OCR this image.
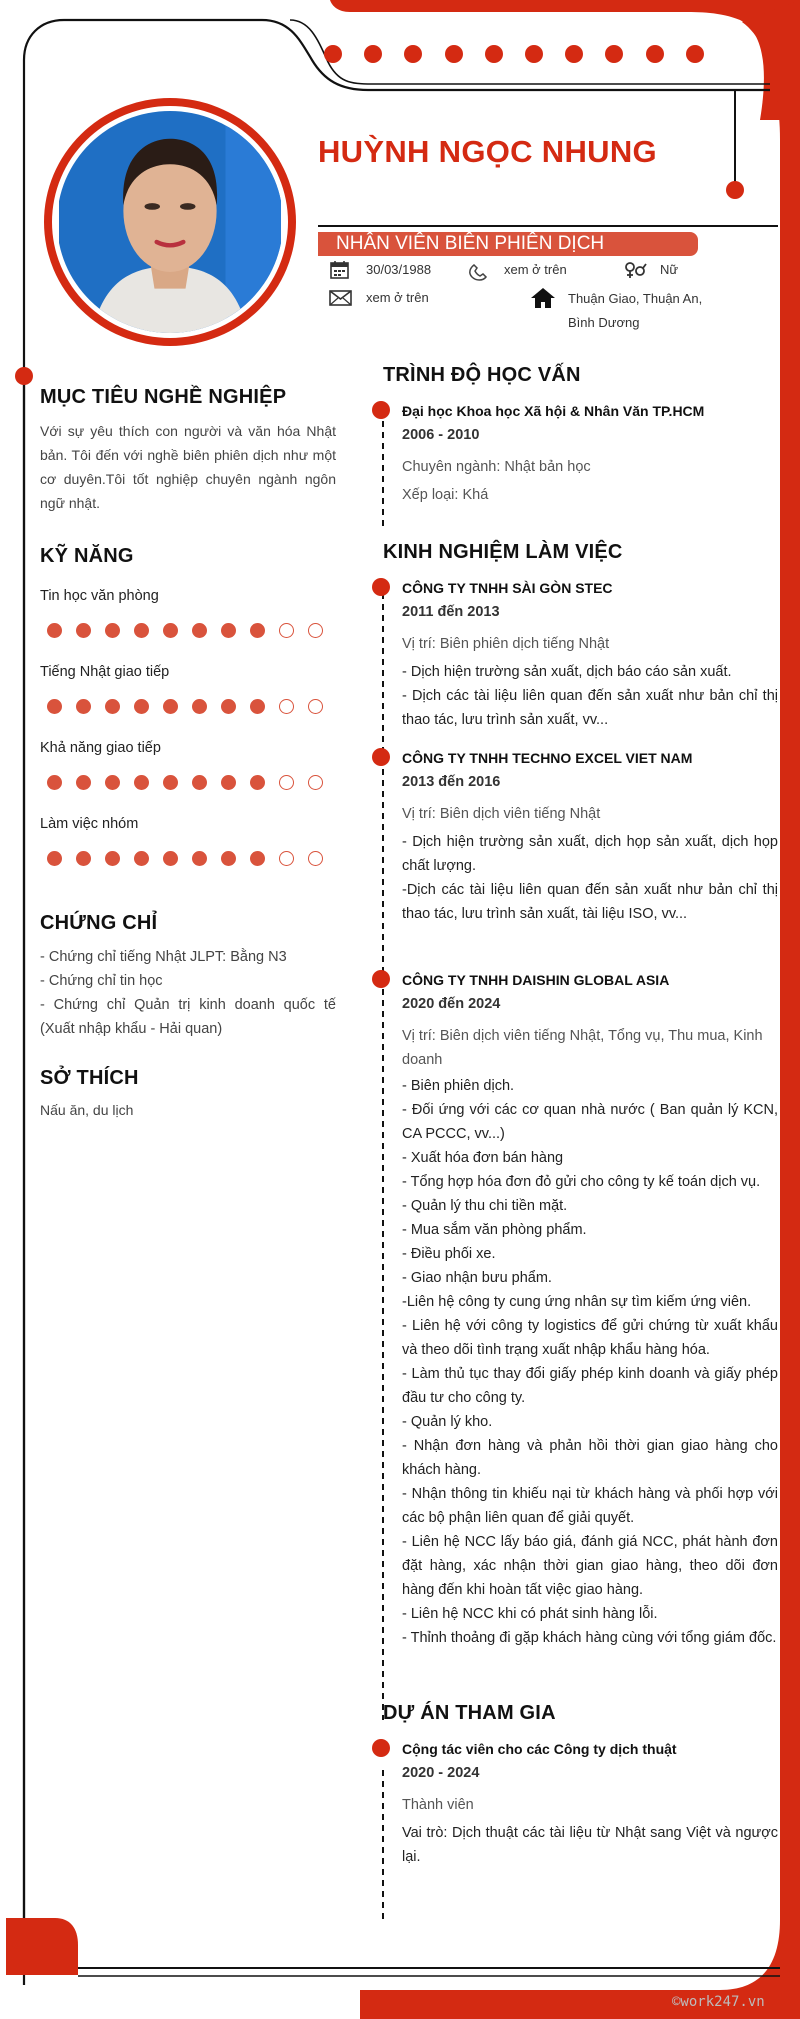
HUỲNH NGỌC NHUNG
NHÂN VIÊN BIÊN PHIÊN DỊCH
30/03/1988	xem ở trên	Nữ
xem ở trên	Thuận Giao, Thuận An, Bình Dương
MỤC TIÊU NGHỀ NGHIỆP
Với sự yêu thích con người và văn hóa Nhật bản. Tôi đến với nghề biên phiên dịch như một cơ duyên.Tôi tốt nghiệp chuyên ngành ngôn ngữ nhật.
KỸ NĂNG
Tin học văn phòng
Tiếng Nhật giao tiếp
Khả năng giao tiếp
Làm việc nhóm
CHỨNG CHỈ
- Chứng chỉ tiếng Nhật JLPT: Bằng N3
- Chứng chỉ tin học
- Chứng chỉ Quản trị kinh doanh quốc tế (Xuất nhập khẩu - Hải quan)
SỞ THÍCH
Nấu ăn, du lịch
TRÌNH ĐỘ HỌC VẤN
Đại học Khoa học Xã hội & Nhân Văn TP.HCM
2006 - 2010
Chuyên ngành: Nhật bản học
Xếp loại: Khá
KINH NGHIỆM LÀM VIỆC
CÔNG TY TNHH SÀI GÒN STEC
2011 đến 2013
Vị trí: Biên phiên dịch tiếng Nhật
- Dịch hiện trường sản xuất, dịch báo cáo sản xuất.
- Dịch các tài liệu liên quan đến sản xuất như bản chỉ thị thao tác, lưu trình sản xuất, vv...
CÔNG TY TNHH TECHNO EXCEL VIET NAM
2013 đến 2016
Vị trí: Biên dịch viên tiếng Nhật
- Dịch hiện trường sản xuất, dịch họp sản xuất, dịch họp chất lượng.
-Dịch các tài liệu liên quan đến sản xuất như bản chỉ thị thao tác, lưu trình sản xuất, tài liệu ISO, vv...
CÔNG TY TNHH DAISHIN GLOBAL ASIA
2020 đến 2024
Vị trí: Biên dịch viên tiếng Nhật, Tổng vụ, Thu mua, Kinh doanh
- Biên phiên dịch.
- Đối ứng với các cơ quan nhà nước ( Ban quản lý KCN, CA PCCC, vv...)
- Xuất hóa đơn bán hàng
- Tổng hợp hóa đơn đỏ gửi cho công ty kế toán dịch vụ.
- Quản lý thu chi tiền mặt.
- Mua sắm văn phòng phẩm.
- Điều phối xe.
- Giao nhận bưu phẩm.
-Liên hệ công ty cung ứng nhân sự tìm kiếm ứng viên.
- Liên hệ với công ty logistics để gửi chứng từ xuất khẩu và theo dõi tình trạng xuất nhập khẩu hàng hóa.
- Làm thủ tục thay đổi giấy phép kinh doanh và giấy phép đầu tư cho công ty.
- Quản lý kho.
- Nhận đơn hàng và phản hồi thời gian giao hàng cho khách hàng.
- Nhận thông tin khiếu nại từ khách hàng và phối hợp với các bộ phận liên quan để giải quyết.
- Liên hệ NCC lấy báo giá, đánh giá NCC, phát hành đơn đặt hàng, xác nhận thời gian giao hàng, theo dõi đơn hàng đến khi hoàn tất việc giao hàng.
- Liên hệ NCC khi có phát sinh hàng lỗi.
- Thỉnh thoảng đi gặp khách hàng cùng với tổng giám đốc.
DỰ ÁN THAM GIA
Cộng tác viên cho các Công ty dịch thuật
2020 - 2024
Thành viên
Vai trò: Dịch thuật các tài liệu từ Nhật sang Việt và ngược lại.
©work247.vn
